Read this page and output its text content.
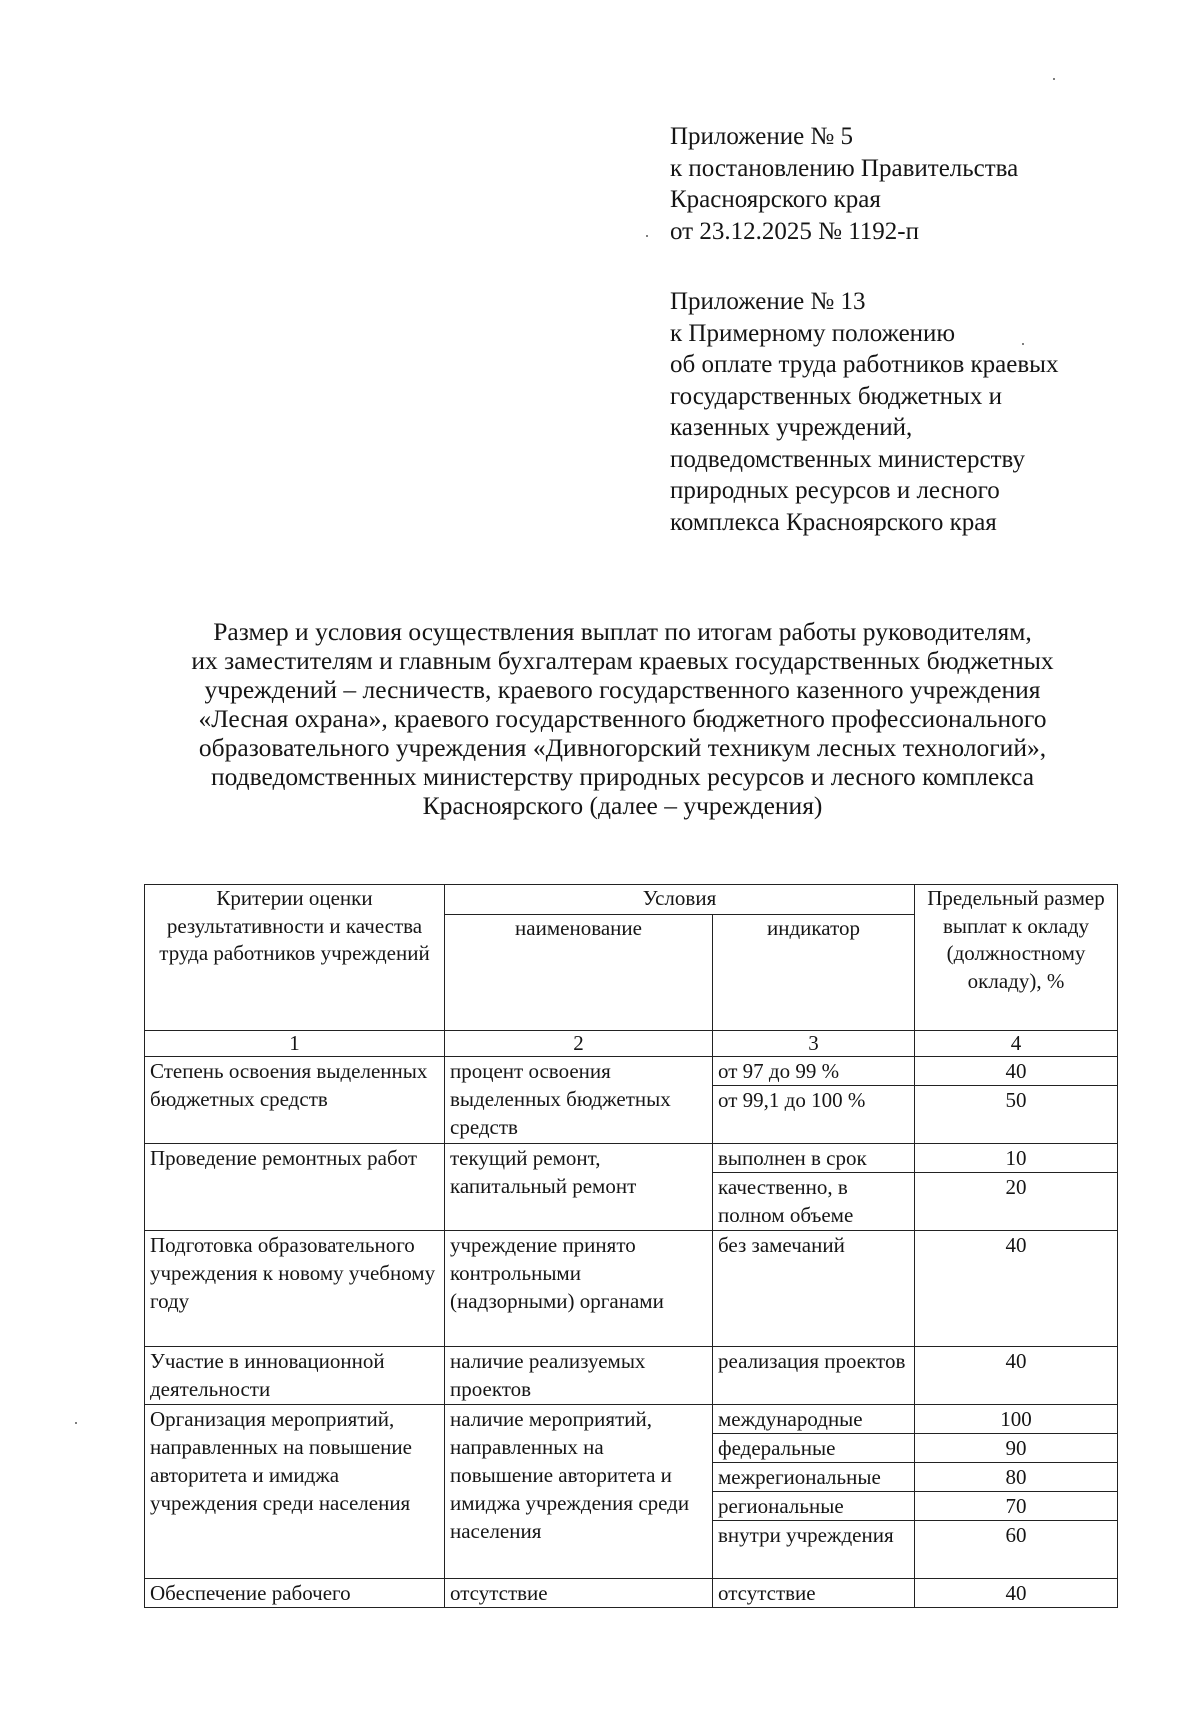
Приложение № 5
к постановлению Правительства
Красноярского края
от 23.12.2025 № 1192-п
Приложение № 13
к Примерному положению
об оплате труда работников краевых
государственных бюджетных и
казенных учреждений,
подведомственных министерству
природных ресурсов и лесного
комплекса Красноярского края
Размер и условия осуществления выплат по итогам работы руководителям,
их заместителям и главным бухгалтерам краевых государственных бюджетных
учреждений – лесничеств, краевого государственного казенного учреждения
«Лесная охрана», краевого государственного бюджетного профессионального
образовательного учреждения «Дивногорский техникум лесных технологий»,
подведомственных министерству природных ресурсов и лесного комплекса
Красноярского (далее – учреждения)
Критерии оценки результативности и качества труда работников учреждений	Условия		Предельный размер выплат к окладу (должностному окладу), %
	наименование	индикатор	
1	2	3	4
Степень освоения выделенных бюджетных средств	процент освоения выделенных бюджетных средств	от 97 до 99 %	40
		от 99,1 до 100 %	50
Проведение ремонтных работ	текущий ремонт, капитальный ремонт	выполнен в срок	10
		качественно, в полном объеме	20
Подготовка образовательного учреждения к новому учебному году	учреждение принято контрольными (надзорными) органами	без замечаний	40
Участие в инновационной деятельности	наличие реализуемых проектов	реализация проектов	40
Организация мероприятий, направленных на повышение авторитета и имиджа учреждения среди населения	наличие мероприятий, направленных на повышение авторитета и имиджа учреждения среди населения	международные	100
		федеральные	90
		межрегиональные	80
		региональные	70
		внутри учреждения	60
Обеспечение рабочего	отсутствие	отсутствие	40
